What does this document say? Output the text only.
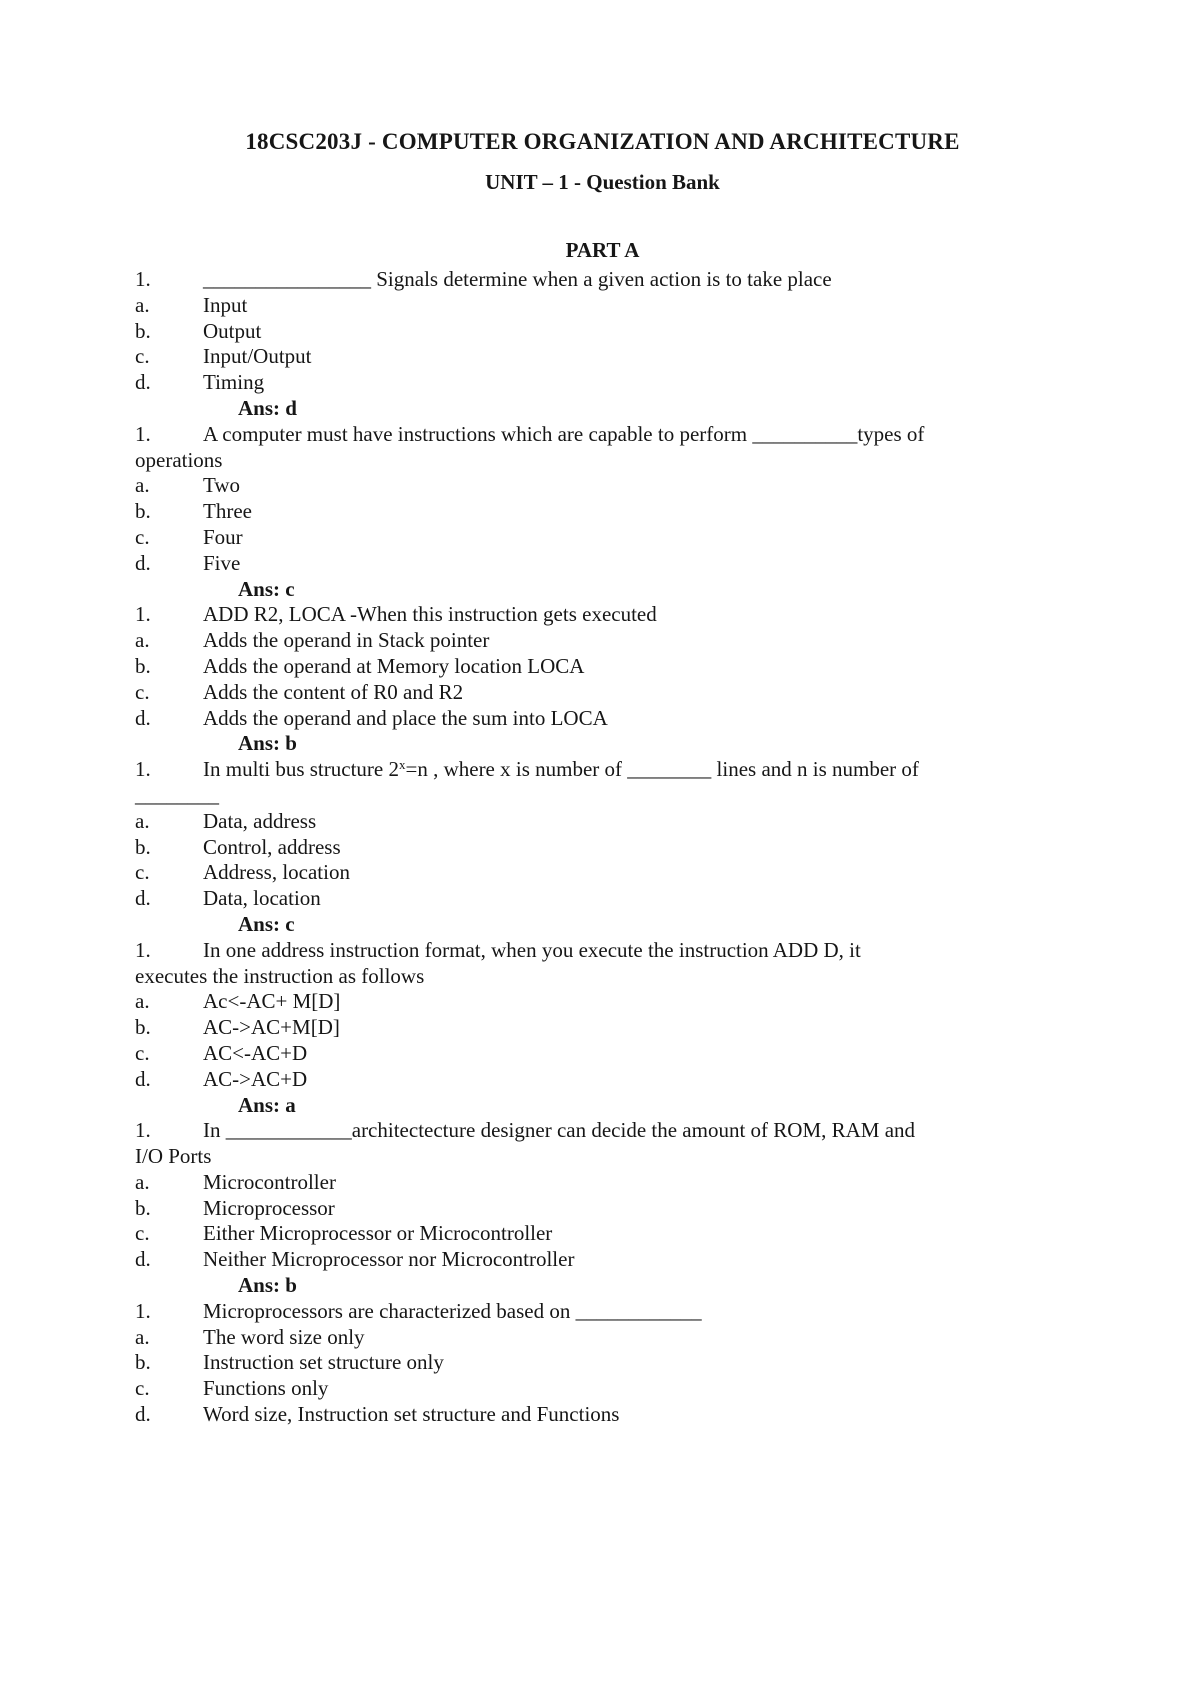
18CSC203J - COMPUTER ORGANIZATION AND ARCHITECTURE
UNIT – 1 - Question Bank
PART A
1. ________________ Signals determine when a given action is to take place
a.	Input
b. Output
c.	Input/Output
d. Timing
Ans: d
1. A computer must have instructions which are capable to perform __________types of
operations
a.	Two
b. Three
c.	Four
d. Five
Ans: c
1. ADD R2, LOCA -When this instruction gets executed
a.	Adds the operand in Stack pointer
b. Adds the operand at Memory location LOCA
c.	Adds the content of R0 and R2
d. Adds the operand and place the sum into LOCA
Ans: b
1. In multi bus structure $2^x=n$ , where x is number of ________ lines and n is number of
________
a.	Data, address
b. Control, address
c.	Address, location
d. Data, location
Ans: c
1. In one address instruction format, when you execute the instruction ADD D, it
executes the instruction as follows
a.	Ac<-AC+ M[D]
b. AC->AC+M[D]
c.	AC<-AC+D
d. AC->AC+D
Ans: a
1. In ____________architectecture designer can decide the amount of ROM, RAM and
I/O Ports
a.	Microcontroller
b. Microprocessor
c.	Either Microprocessor or Microcontroller
d. Neither Microprocessor nor Microcontroller
Ans: b
1. Microprocessors are characterized based on ____________
a.	The word size only
b. Instruction set structure only
c.	Functions only
d. Word size, Instruction set structure and Functions
